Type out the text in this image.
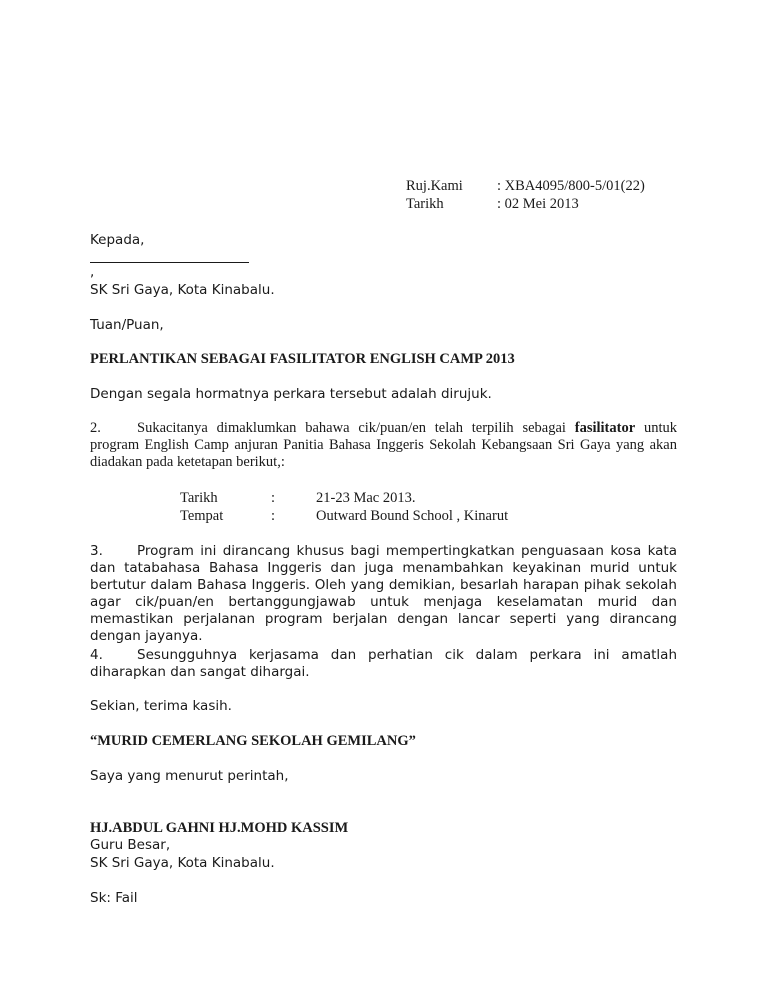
Ruj.Kami : XBA4095/800-5/01(22)
Tarikh	: 02 Mei 2013
Kepada,
,
SK Sri Gaya, Kota Kinabalu.
Tuan/Puan,
PERLANTIKAN SEBAGAI FASILITATOR ENGLISH CAMP 2013
Dengan segala hormatnya perkara tersebut adalah dirujuk.
2. Sukacitanya dimaklumkan bahawa cik/puan/en telah terpilih sebagai fasilitator untuk program English Camp anjuran Panitia Bahasa Inggeris Sekolah Kebangsaan Sri Gaya yang akan diadakan pada ketetapan berikut,:
Tarikh	:	21-23 Mac 2013.
Tempat	:	Outward Bound School , Kinarut
3.	Program ini dirancang khusus bagi mempertingkatkan penguasaan kosa kata dan tatabahasa Bahasa Inggeris dan juga menambahkan keyakinan murid untuk bertutur dalam Bahasa Inggeris. Oleh yang demikian, besarlah harapan pihak sekolah agar cik/puan/en bertanggungjawab untuk menjaga keselamatan murid dan memastikan perjalanan program berjalan dengan lancar seperti yang dirancang dengan jayanya.
4.	Sesungguhnya kerjasama dan perhatian cik dalam perkara ini amatlah diharapkan dan sangat dihargai.
Sekian, terima kasih.
“MURID CEMERLANG SEKOLAH GEMILANG”
Saya yang menurut perintah,
HJ.ABDUL GAHNI HJ.MOHD KASSIM
Guru Besar,
SK Sri Gaya, Kota Kinabalu.
Sk: Fail
